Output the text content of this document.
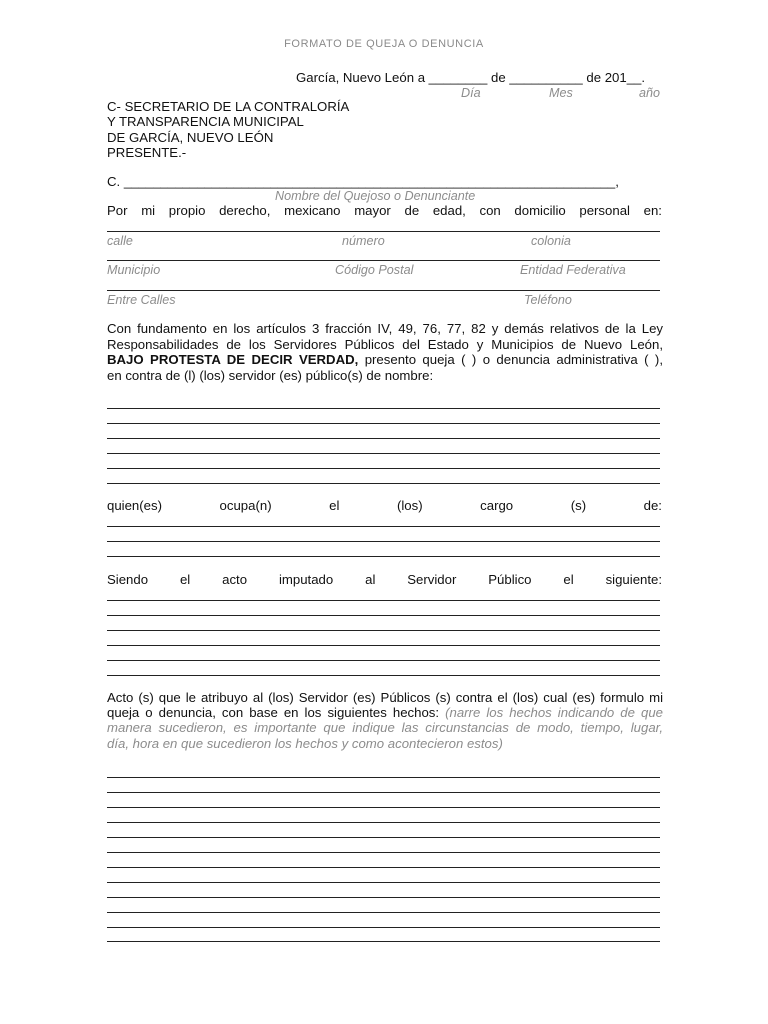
FORMATO DE QUEJA O DENUNCIA
García, Nuevo León a ________ de __________ de 201__.
Día	Mes	año
C- SECRETARIO DE LA CONTRALORÍA
Y TRANSPARENCIA MUNICIPAL
DE GARCÍA, NUEVO LEÓN
PRESENTE.-
C. ___________________________________________________________________,
Nombre del Quejoso o Denunciante
Por mi propio derecho, mexicano mayor de edad, con domicilio personal en:
calle	número	colonia
Municipio	Código Postal	Entidad Federativa
Entre Calles	Teléfono
Con fundamento en los artículos 3 fracción IV, 49, 76, 77, 82 y demás relativos de la Ley
Responsabilidades de los Servidores Públicos del Estado y Municipios de Nuevo León,
BAJO PROTESTA DE DECIR VERDAD, presento queja ( ) o denuncia administrativa ( ),
en contra de (l) (los) servidor (es) público(s) de nombre:
quien(es)	ocupa(n)	el	(los)	cargo	(s)	de:
Siendo el acto imputado al Servidor Público el siguiente:
Acto (s) que le atribuyo al (los) Servidor (es) Públicos (s) contra el (los) cual (es) formulo mi
queja o denuncia, con base en los siguientes hechos: (narre los hechos indicando de que
manera sucedieron, es importante que indique las circunstancias de modo, tiempo, lugar,
día, hora en que sucedieron los hechos y como acontecieron estos)
